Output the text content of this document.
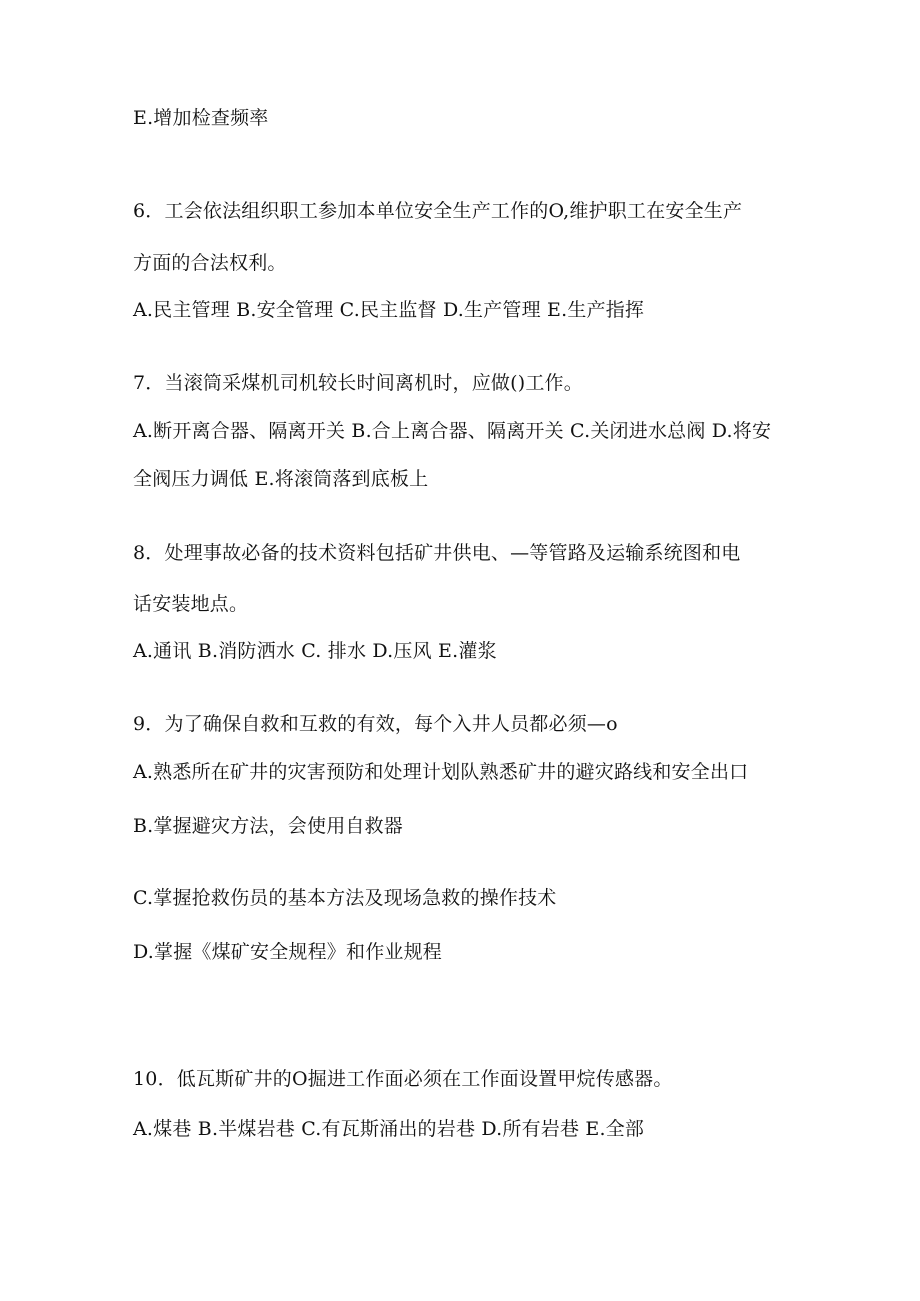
E.增加检查频率
6．工会依法组织职工参加本单位安全生产工作的O,维护职工在安全生产
方面的合法权利。
A.民主管理 B.安全管理 C.民主监督 D.生产管理 E.生产指挥
7．当滚筒采煤机司机较长时间离机时，应做()工作。
A.断开离合器、隔离开关 B.合上离合器、隔离开关 C.关闭进水总阀 D.将安
全阀压力调低 E.将滚筒落到底板上
8．处理事故必备的技术资料包括矿井供电、—等管路及运输系统图和电
话安装地点。
A.通讯 B.消防洒水 C. 排水 D.压风 E.灌浆
9．为了确保自救和互救的有效，每个入井人员都必须—o
A.熟悉所在矿井的灾害预防和处理计划队熟悉矿井的避灾路线和安全出口
B.掌握避灾方法，会使用自救器
C.掌握抢救伤员的基本方法及现场急救的操作技术
D.掌握《煤矿安全规程》和作业规程
10．低瓦斯矿井的O掘进工作面必须在工作面设置甲烷传感器。
A.煤巷 B.半煤岩巷 C.有瓦斯涌出的岩巷 D.所有岩巷 E.全部
